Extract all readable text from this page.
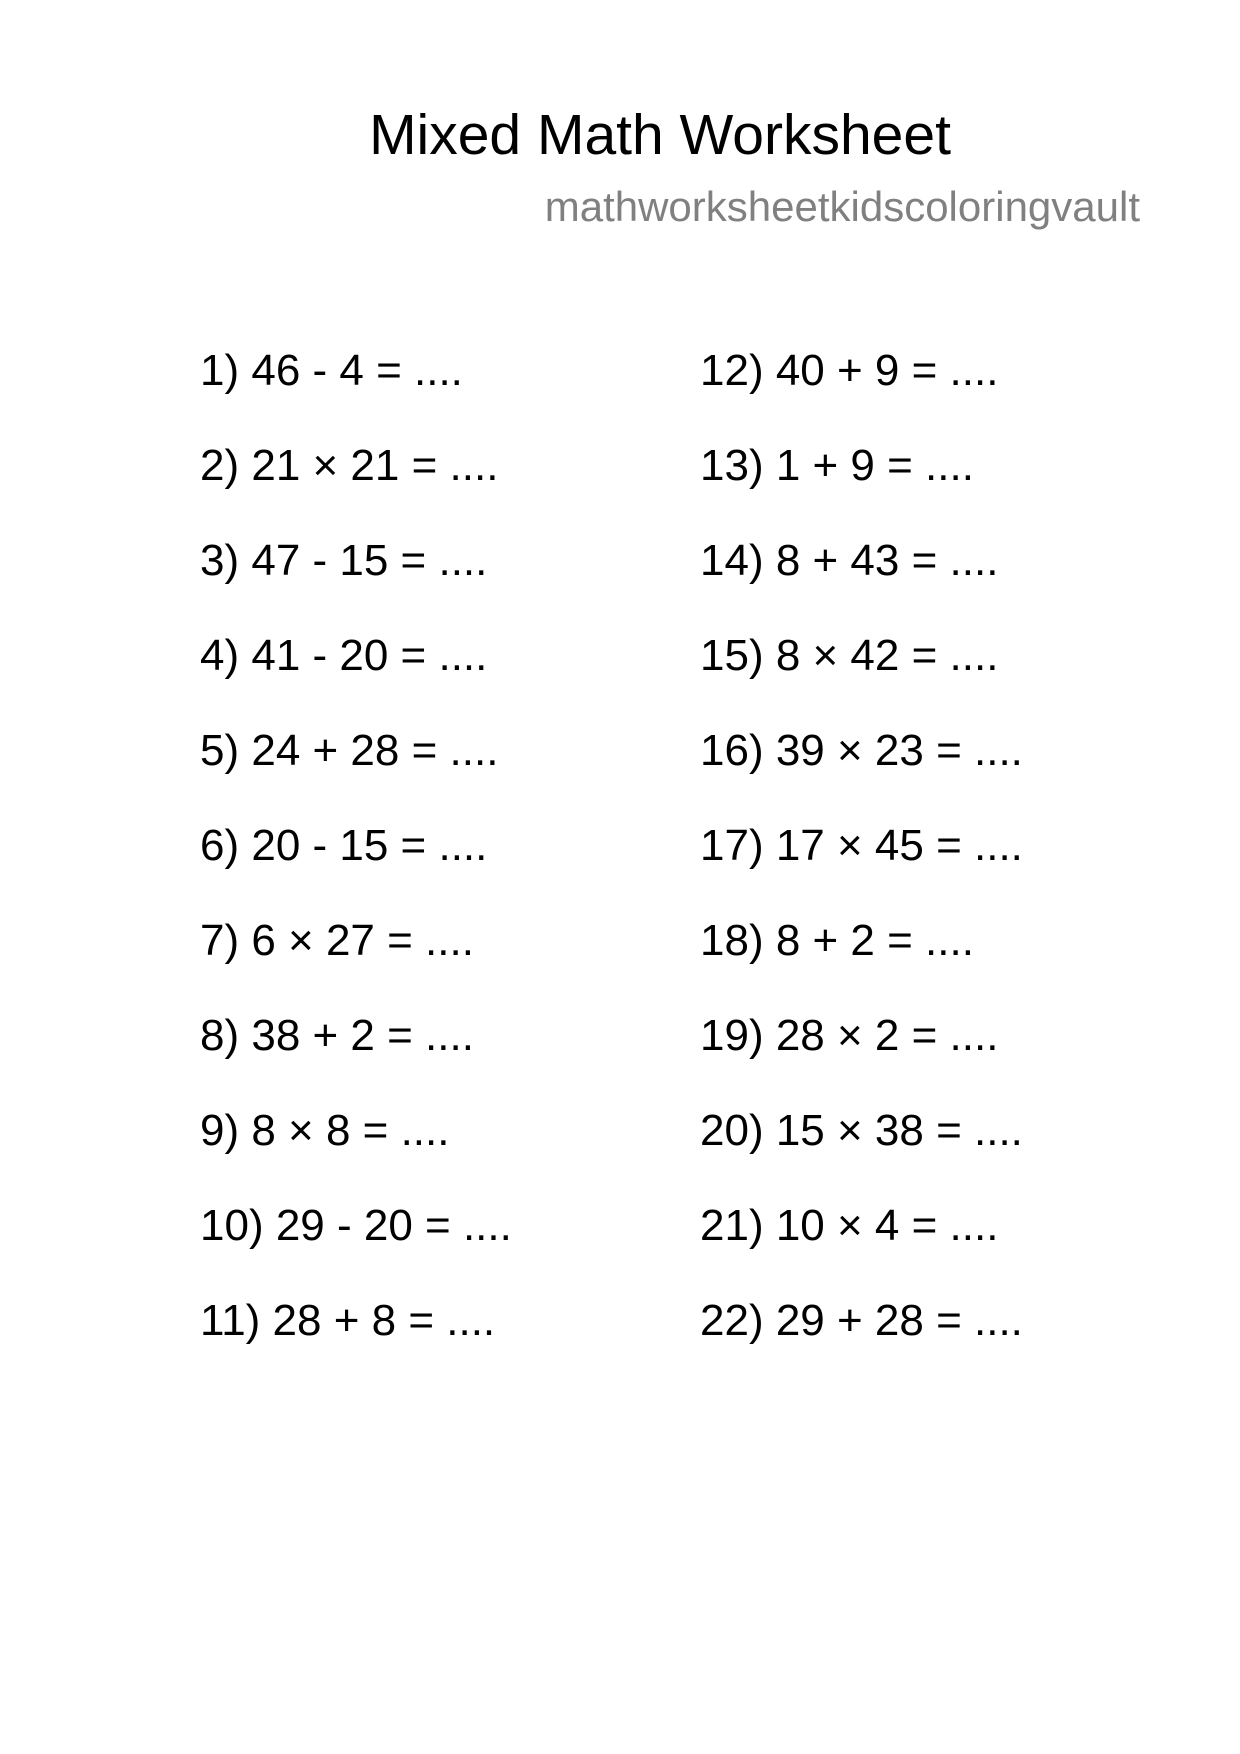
Mixed Math Worksheet
mathworksheetkidscoloringvault
1) 46 - 4 = ....
2) 21 × 21 = ....
3) 47 - 15 = ....
4) 41 - 20 = ....
5) 24 + 28 = ....
6) 20 - 15 = ....
7) 6 × 27 = ....
8) 38 + 2 = ....
9) 8 × 8 = ....
10) 29 - 20 = ....
11) 28 + 8 = ....
12) 40 + 9 = ....
13) 1 + 9 = ....
14) 8 + 43 = ....
15) 8 × 42 = ....
16) 39 × 23 = ....
17) 17 × 45 = ....
18) 8 + 2 = ....
19) 28 × 2 = ....
20) 15 × 38 = ....
21) 10 × 4 = ....
22) 29 + 28 = ....
